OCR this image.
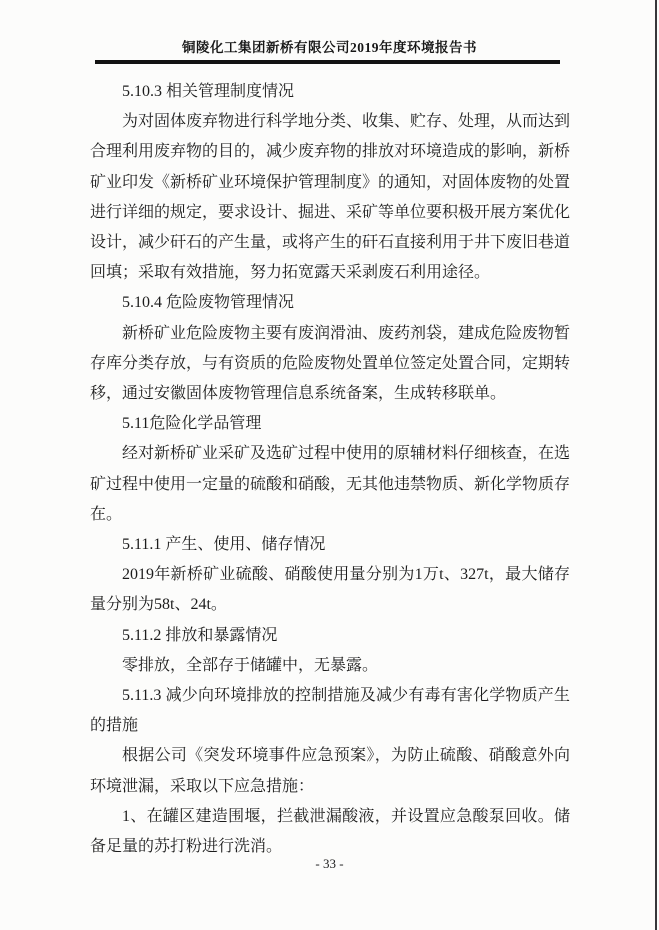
铜陵化工集团新桥有限公司2019年度环境报告书
5.10.3 相关管理制度情况

为对固体废弃物进行科学地分类、收集、贮存、处理，从而达到合理利用废弃物的目的，减少废弃物的排放对环境造成的影响，新桥矿业印发《新桥矿业环境保护管理制度》的通知，对固体废物的处置进行详细的规定，要求设计、掘进、采矿等单位要积极开展方案优化设计，减少矸石的产生量，或将产生的矸石直接利用于井下废旧巷道回填；采取有效措施，努力拓宽露天采剥废石利用途径。

5.10.4 危险废物管理情况

新桥矿业危险废物主要有废润滑油、废药剂袋，建成危险废物暂存库分类存放，与有资质的危险废物处置单位签定处置合同，定期转移，通过安徽固体废物管理信息系统备案，生成转移联单。

5.11危险化学品管理

经对新桥矿业采矿及选矿过程中使用的原辅材料仔细核查，在选矿过程中使用一定量的硫酸和硝酸，无其他违禁物质、新化学物质存在。

5.11.1 产生、使用、储存情况

2019年新桥矿业硫酸、硝酸使用量分别为1万t、327t，最大储存量分别为58t、24t。

5.11.2 排放和暴露情况

零排放，全部存于储罐中，无暴露。

5.11.3 减少向环境排放的控制措施及减少有毒有害化学物质产生的措施

根据公司《突发环境事件应急预案》，为防止硫酸、硝酸意外向环境泄漏，采取以下应急措施：

1、在罐区建造围堰，拦截泄漏酸液，并设置应急酸泵回收。储备足量的苏打粉进行洗消。

- 33 -
